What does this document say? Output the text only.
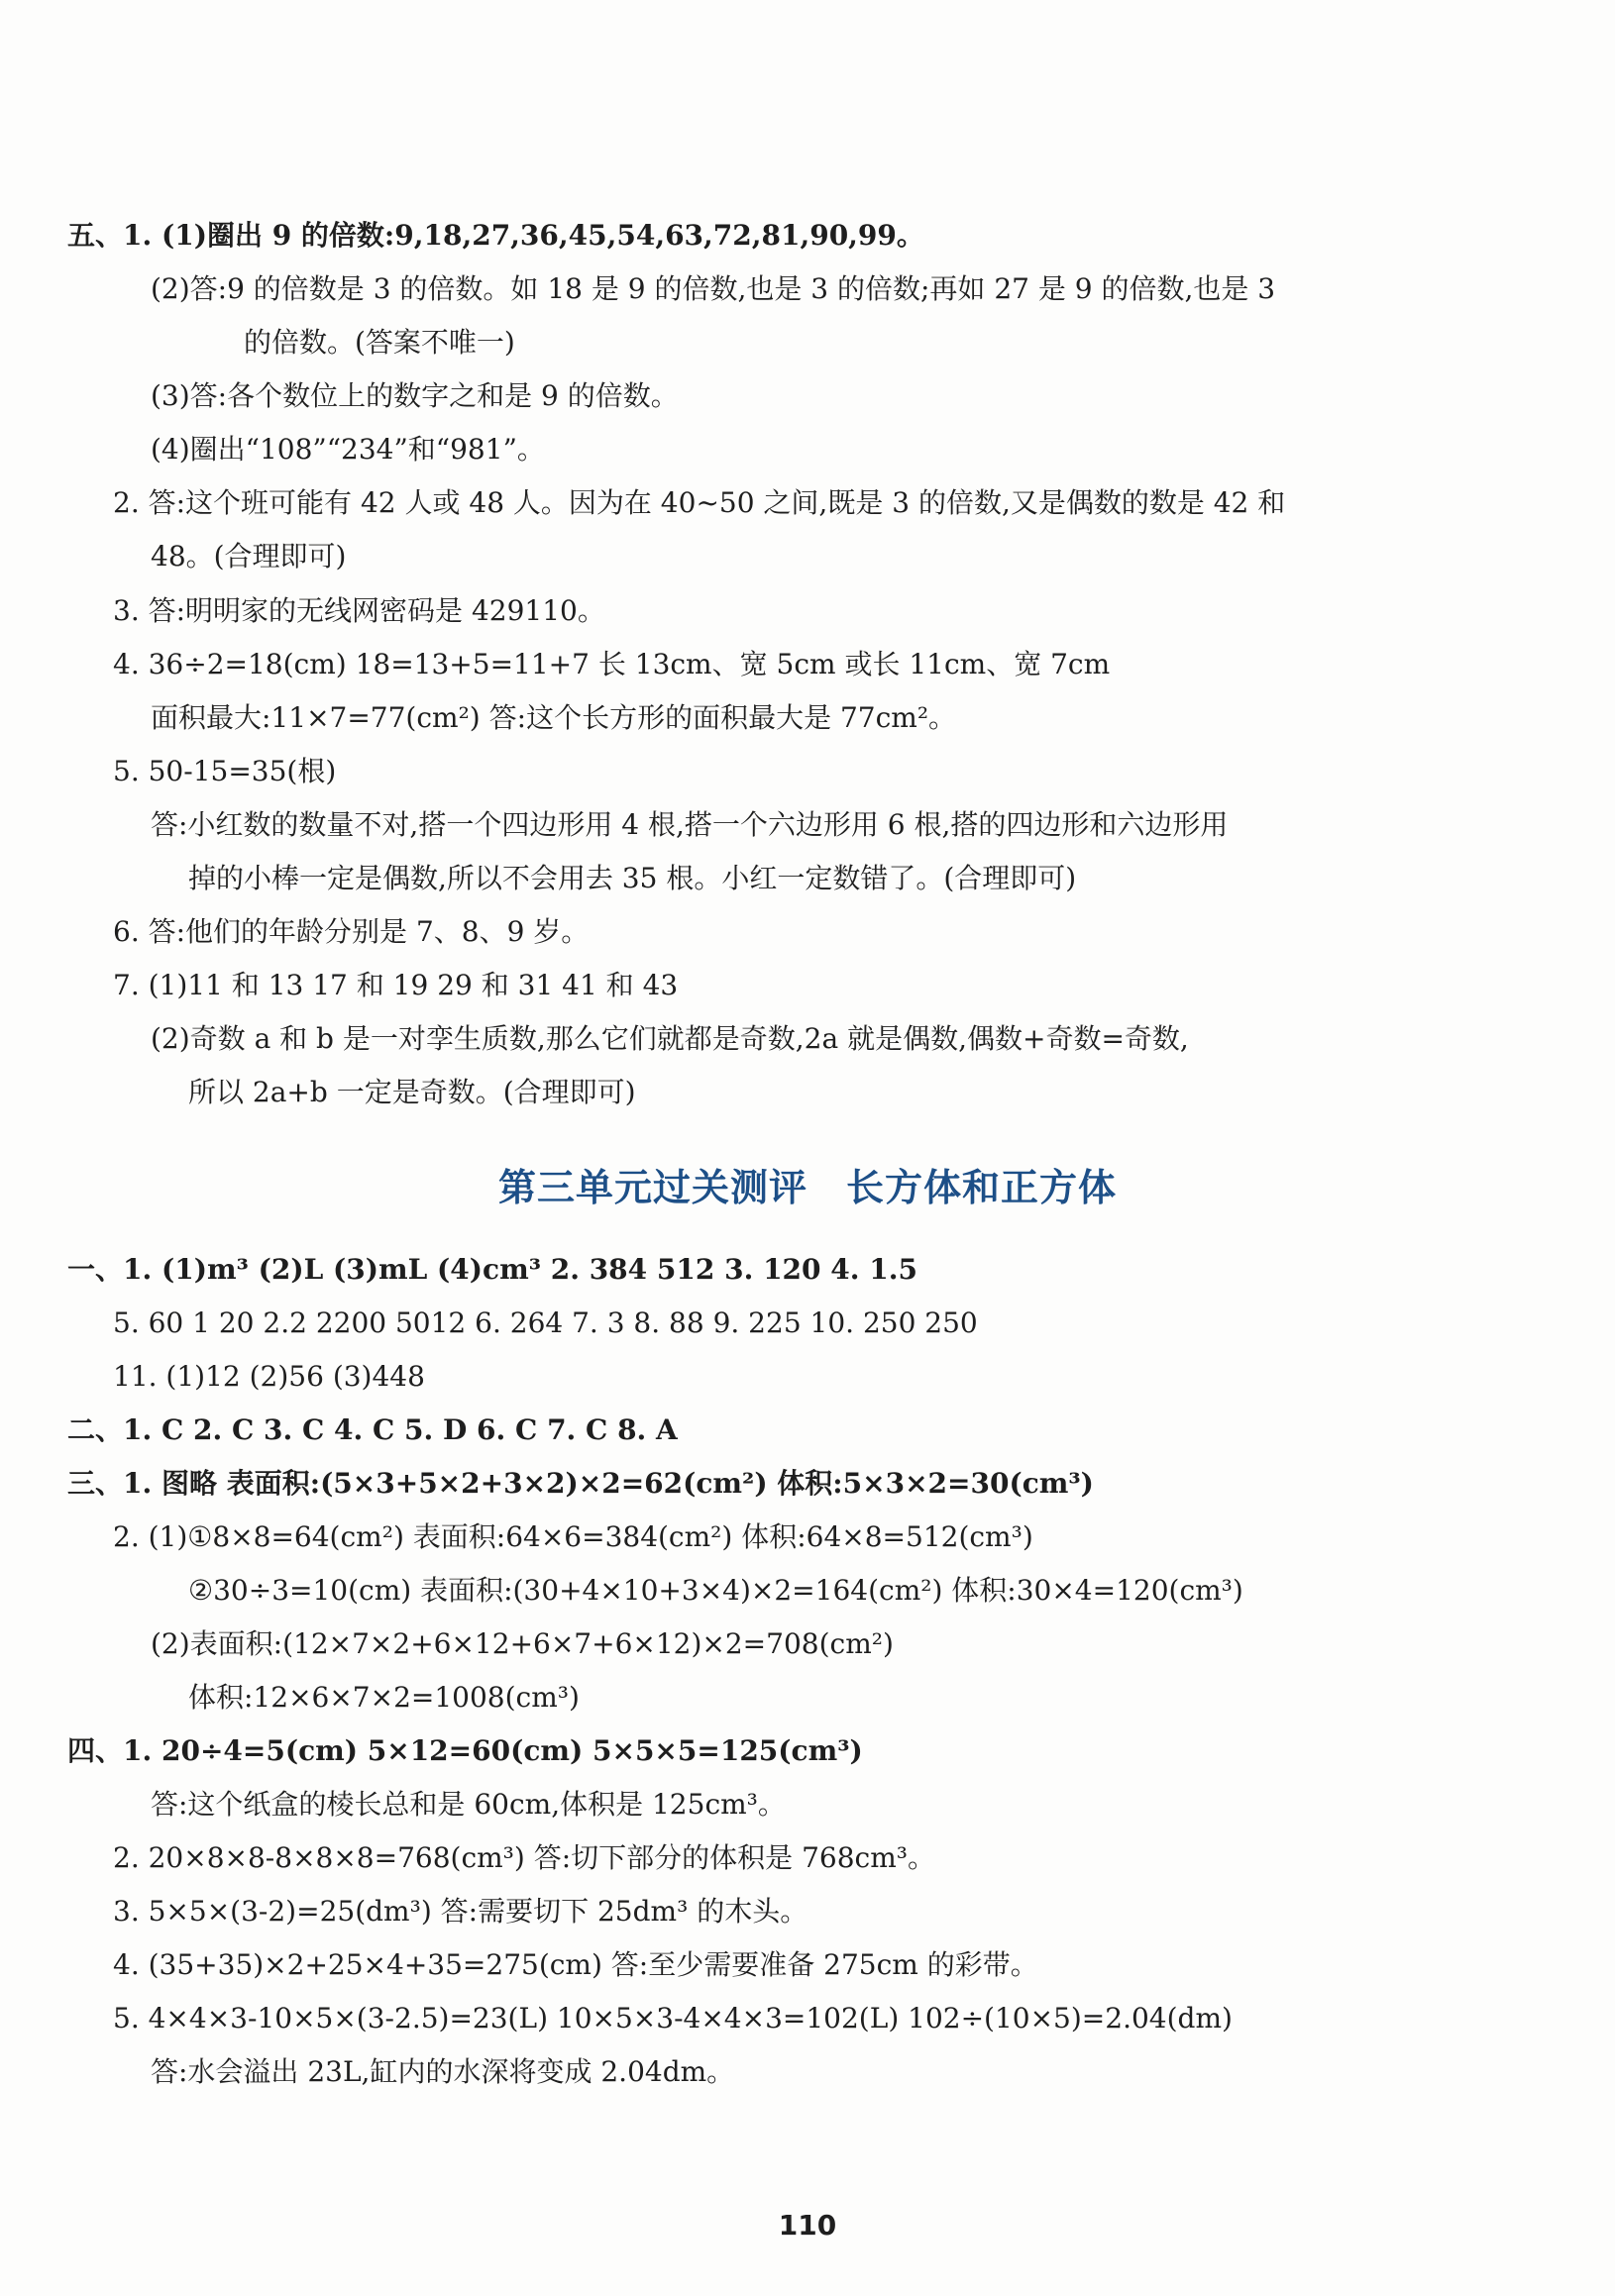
五、1. (1)圈出 9 的倍数:9,18,27,36,45,54,63,72,81,90,99。
(2)答:9 的倍数是 3 的倍数。如 18 是 9 的倍数,也是 3 的倍数;再如 27 是 9 的倍数,也是 3
的倍数。(答案不唯一)
(3)答:各个数位上的数字之和是 9 的倍数。
(4)圈出“108”“234”和“981”。
2. 答:这个班可能有 42 人或 48 人。因为在 40~50 之间,既是 3 的倍数,又是偶数的数是 42 和
48。(合理即可)
3. 答:明明家的无线网密码是 429110。
4. 36÷2=18(cm) 18=13+5=11+7 长 13cm、宽 5cm 或长 11cm、宽 7cm
面积最大:11×7=77(cm²) 答:这个长方形的面积最大是 77cm²。
5. 50-15=35(根)
答:小红数的数量不对,搭一个四边形用 4 根,搭一个六边形用 6 根,搭的四边形和六边形用
掉的小棒一定是偶数,所以不会用去 35 根。小红一定数错了。(合理即可)
6. 答:他们的年龄分别是 7、8、9 岁。
7. (1)11 和 13 17 和 19 29 和 31 41 和 43
(2)奇数 a 和 b 是一对孪生质数,那么它们就都是奇数,2a 就是偶数,偶数+奇数=奇数,
所以 2a+b 一定是奇数。(合理即可)
第三单元过关测评　长方体和正方体
一、1. (1)m³ (2)L (3)mL (4)cm³ 2. 384 512 3. 120 4. 1.5
5. 60 1 20 2.2 2200 5012 6. 264 7. 3 8. 88 9. 225 10. 250 250
11. (1)12 (2)56 (3)448
二、1. C 2. C 3. C 4. C 5. D 6. C 7. C 8. A
三、1. 图略 表面积:(5×3+5×2+3×2)×2=62(cm²) 体积:5×3×2=30(cm³)
2. (1)①8×8=64(cm²) 表面积:64×6=384(cm²) 体积:64×8=512(cm³)
②30÷3=10(cm) 表面积:(30+4×10+3×4)×2=164(cm²) 体积:30×4=120(cm³)
(2)表面积:(12×7×2+6×12+6×7+6×12)×2=708(cm²)
体积:12×6×7×2=1008(cm³)
四、1. 20÷4=5(cm) 5×12=60(cm) 5×5×5=125(cm³)
答:这个纸盒的棱长总和是 60cm,体积是 125cm³。
2. 20×8×8-8×8×8=768(cm³) 答:切下部分的体积是 768cm³。
3. 5×5×(3-2)=25(dm³) 答:需要切下 25dm³ 的木头。
4. (35+35)×2+25×4+35=275(cm) 答:至少需要准备 275cm 的彩带。
5. 4×4×3-10×5×(3-2.5)=23(L) 10×5×3-4×4×3=102(L) 102÷(10×5)=2.04(dm)
答:水会溢出 23L,缸内的水深将变成 2.04dm。
110
